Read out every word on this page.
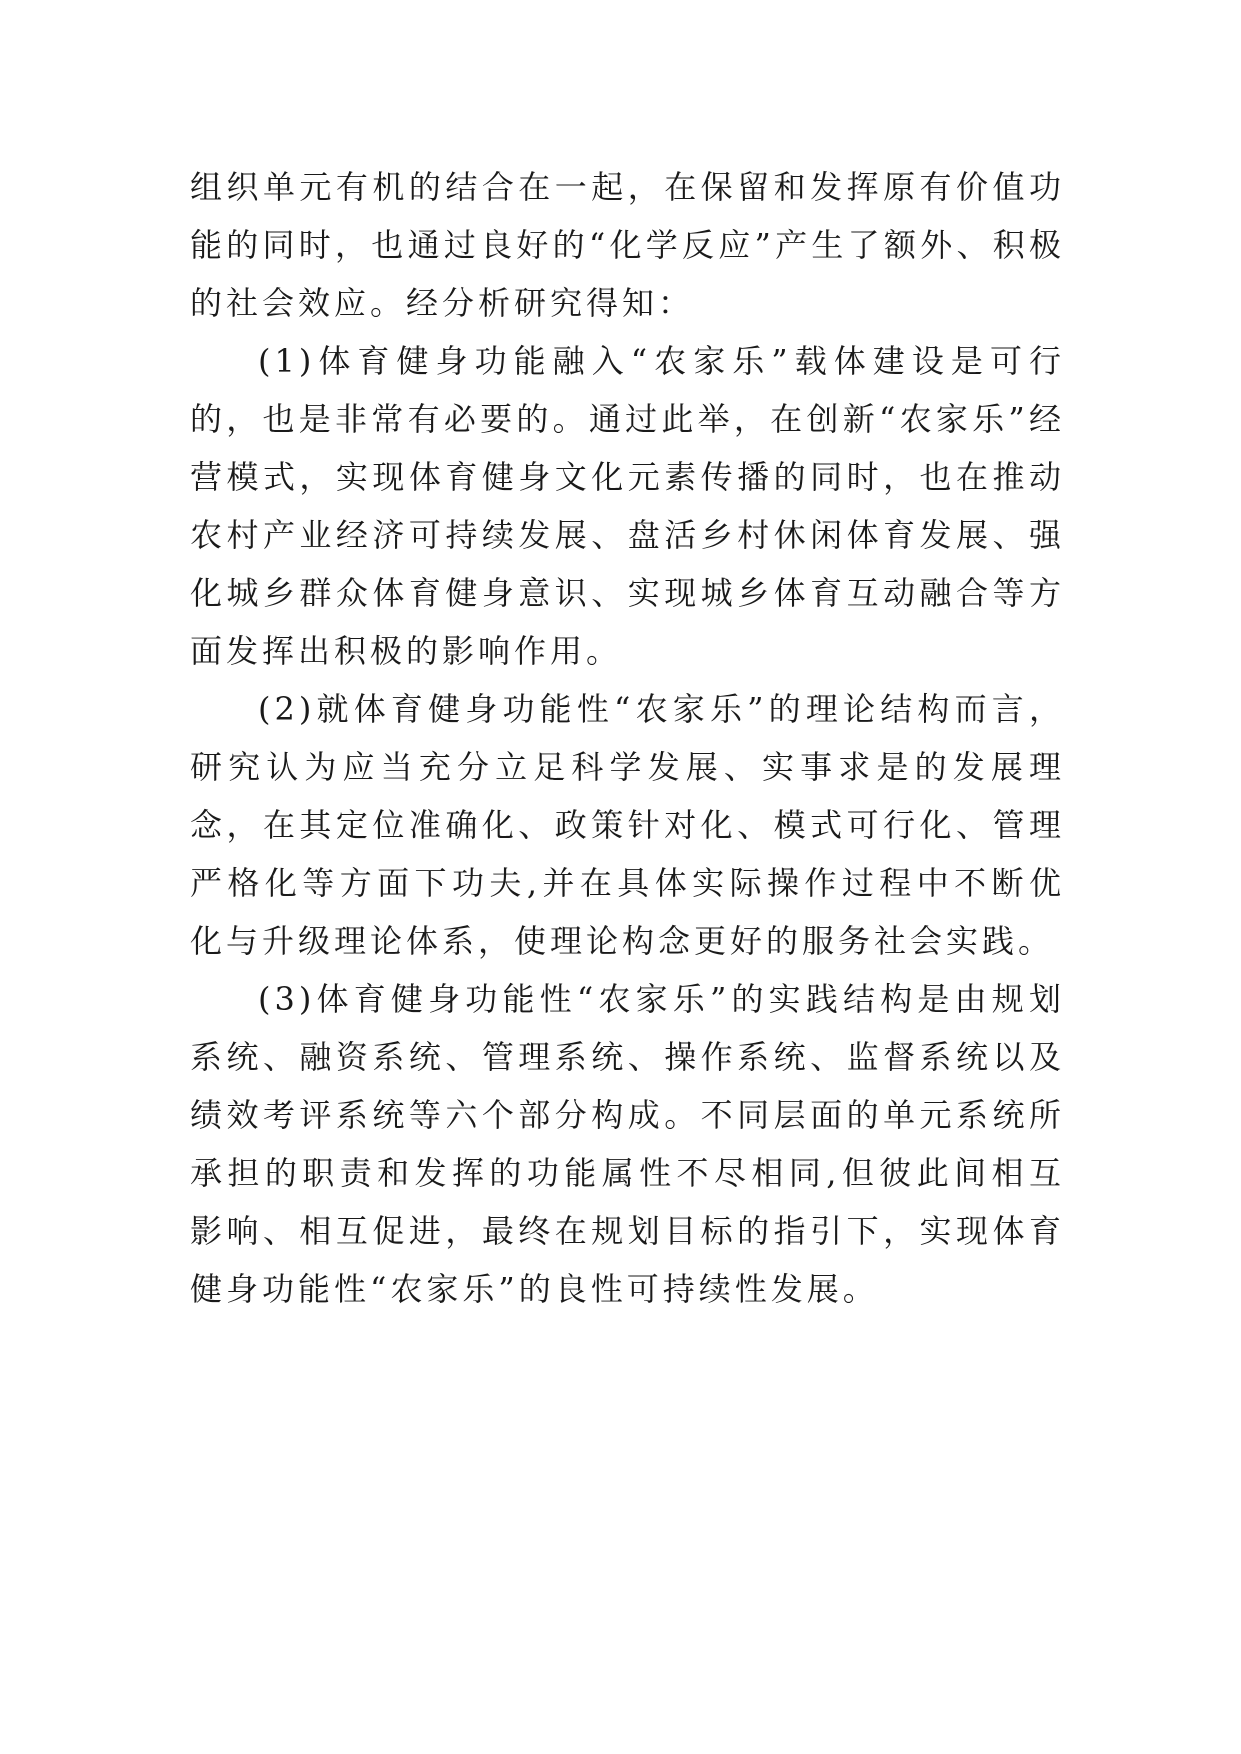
组织单元有机的结合在一起，在保留和发挥原有价值功能的同时，也通过良好的“化学反应”产生了额外、积极的社会效应。经分析研究得知：

(1)体育健身功能融入“农家乐”载体建设是可行的，也是非常有必要的。通过此举，在创新“农家乐”经营模式，实现体育健身文化元素传播的同时，也在推动农村产业经济可持续发展、盘活乡村休闲体育发展、强化城乡群众体育健身意识、实现城乡体育互动融合等方面发挥出积极的影响作用。

(2)就体育健身功能性“农家乐”的理论结构而言，研究认为应当充分立足科学发展、实事求是的发展理念，在其定位准确化、政策针对化、模式可行化、管理严格化等方面下功夫,并在具体实际操作过程中不断优化与升级理论体系，使理论构念更好的服务社会实践。

(3)体育健身功能性“农家乐”的实践结构是由规划系统、融资系统、管理系统、操作系统、监督系统以及绩效考评系统等六个部分构成。不同层面的单元系统所承担的职责和发挥的功能属性不尽相同,但彼此间相互影响、相互促进，最终在规划目标的指引下，实现体育健身功能性“农家乐”的良性可持续性发展。
